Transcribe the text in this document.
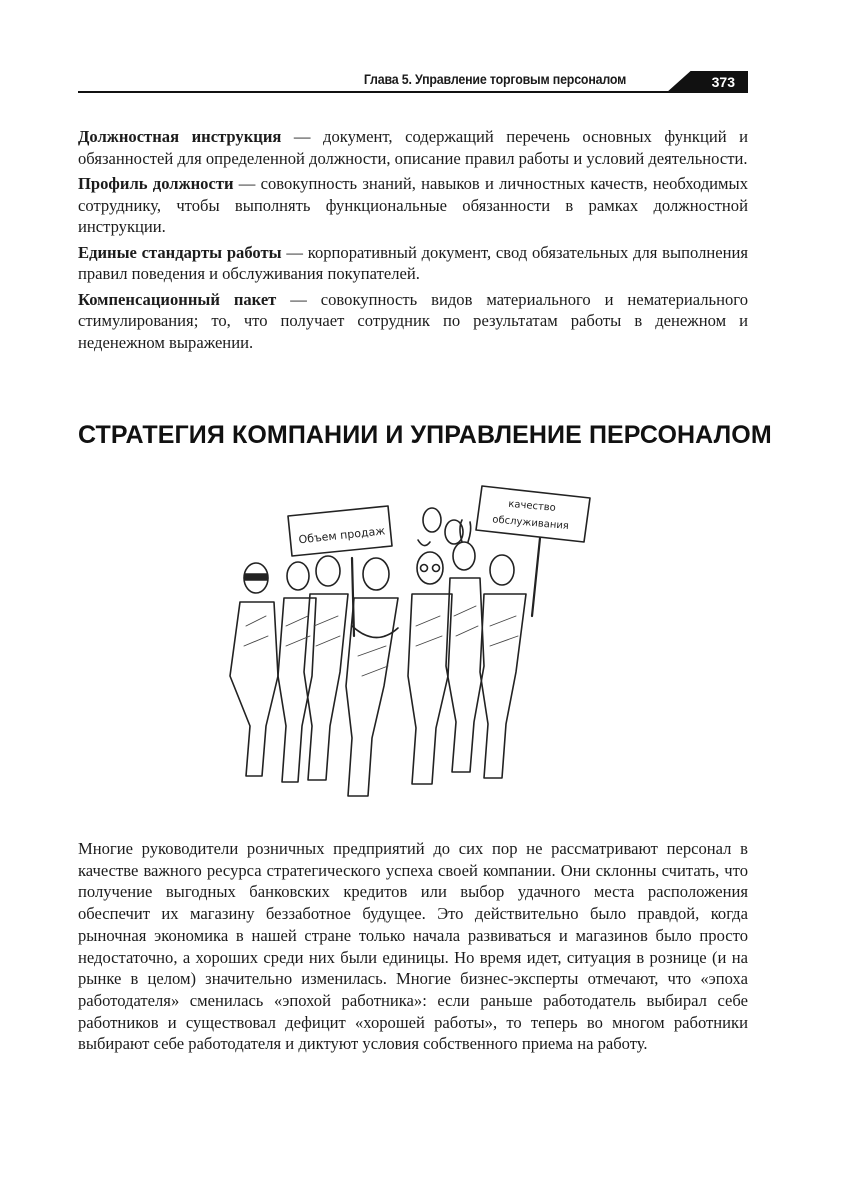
Глава 5. Управление торговым персоналом	373

Должностная инструкция — документ, содержащий перечень основных функций и обязанностей для определенной должности, описание правил работы и условий деятельности.

Профиль должности — совокупность знаний, навыков и личностных качеств, необходимых сотруднику, чтобы выполнять функциональные обязанности в рамках должностной инструкции.

Единые стандарты работы — корпоративный документ, свод обязательных для выполнения правил поведения и обслуживания покупателей.

Компенсационный пакет — совокупность видов материального и нематериального стимулирования; то, что получает сотрудник по результатам работы в денежном и неденежном выражении.

СТРАТЕГИЯ КОМПАНИИ И УПРАВЛЕНИЕ ПЕРСОНАЛОМ
Объем продаж
качество
обслуживания

Многие руководители розничных предприятий до сих пор не рассматривают персонал в качестве важного ресурса стратегического успеха своей компании. Они склонны считать, что получение выгодных банковских кредитов или выбор удачного места расположения обеспечит их магазину беззаботное будущее. Это действительно было правдой, когда рыночная экономика в нашей стране только начала развиваться и магазинов было просто недостаточно, а хороших среди них были единицы. Но время идет, ситуация в рознице (и на рынке в целом) значительно изменилась. Многие бизнес-эксперты отмечают, что «эпоха работодателя» сменилась «эпохой работника»: если раньше работодатель выбирал себе работников и существовал дефицит «хорошей работы», то теперь во многом работники выбирают себе работодателя и диктуют условия собственного приема на работу.
